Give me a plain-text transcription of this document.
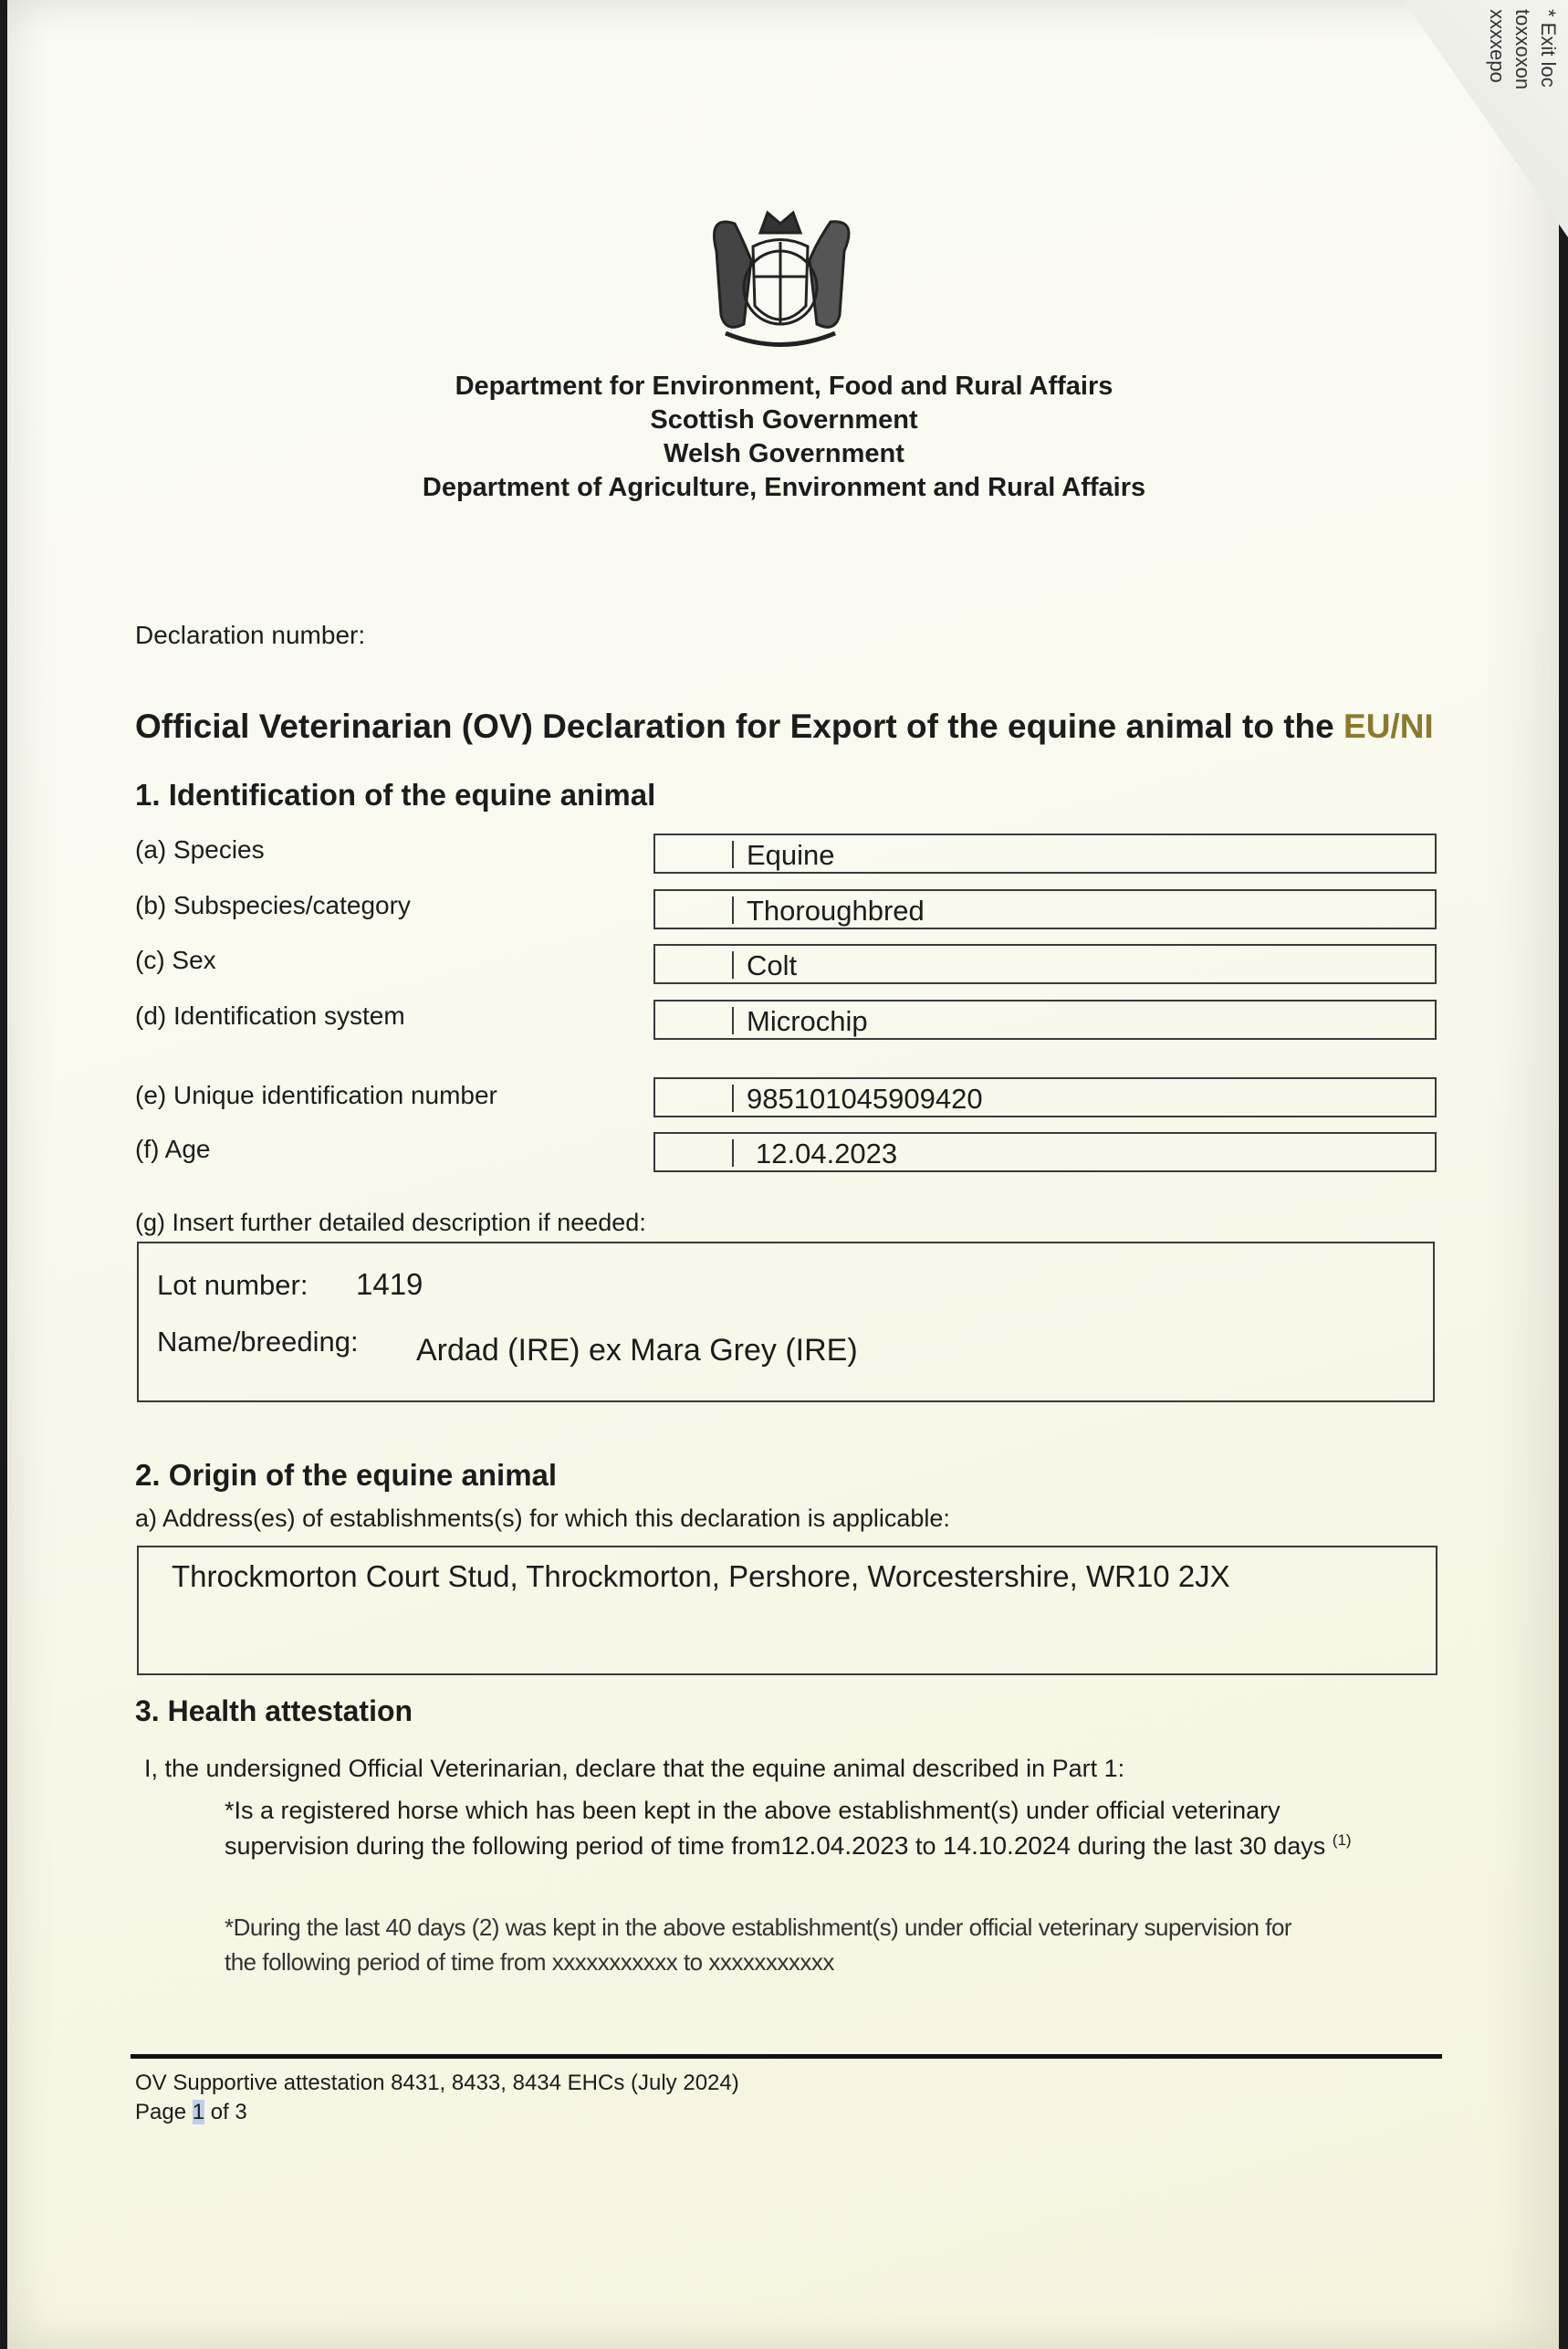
Department for Environment, Food and Rural Affairs
Scottish Government
Welsh Government
Department of Agriculture, Environment and Rural Affairs
Declaration number:
Official Veterinarian (OV) Declaration for Export of the equine animal to the EU/NI
1. Identification of the equine animal
(a) Species	Equine
(b) Subspecies/category	Thoroughbred
(c) Sex	Colt
(d) Identification system	Microchip
(e) Unique identification number	985101045909420
(f) Age	12.04.2023
(g) Insert further detailed description if needed:
Lot number: 1419
Name/breeding: Ardad (IRE) ex Mara Grey (IRE)
2. Origin of the equine animal
a) Address(es) of establishments(s) for which this declaration is applicable:
Throckmorton Court Stud, Throckmorton, Pershore, Worcestershire, WR10 2JX
3. Health attestation
I, the undersigned Official Veterinarian, declare that the equine animal described in Part 1:
*Is a registered horse which has been kept in the above establishment(s) under official veterinary
supervision during the following period of time from12.04.2023 to 14.10.2024 during the last 30 days $^{(1)}$
*During the last 40 days (2) was kept in the above establishment(s) under official veterinary supervision for
the following period of time from xxxxxxxxxxx to xxxxxxxxxxx
OV Supportive attestation 8431, 8433, 8434 EHCs (July 2024)
Page 1 of 3
* Exit loc
toxxoxon
xxxxepo
